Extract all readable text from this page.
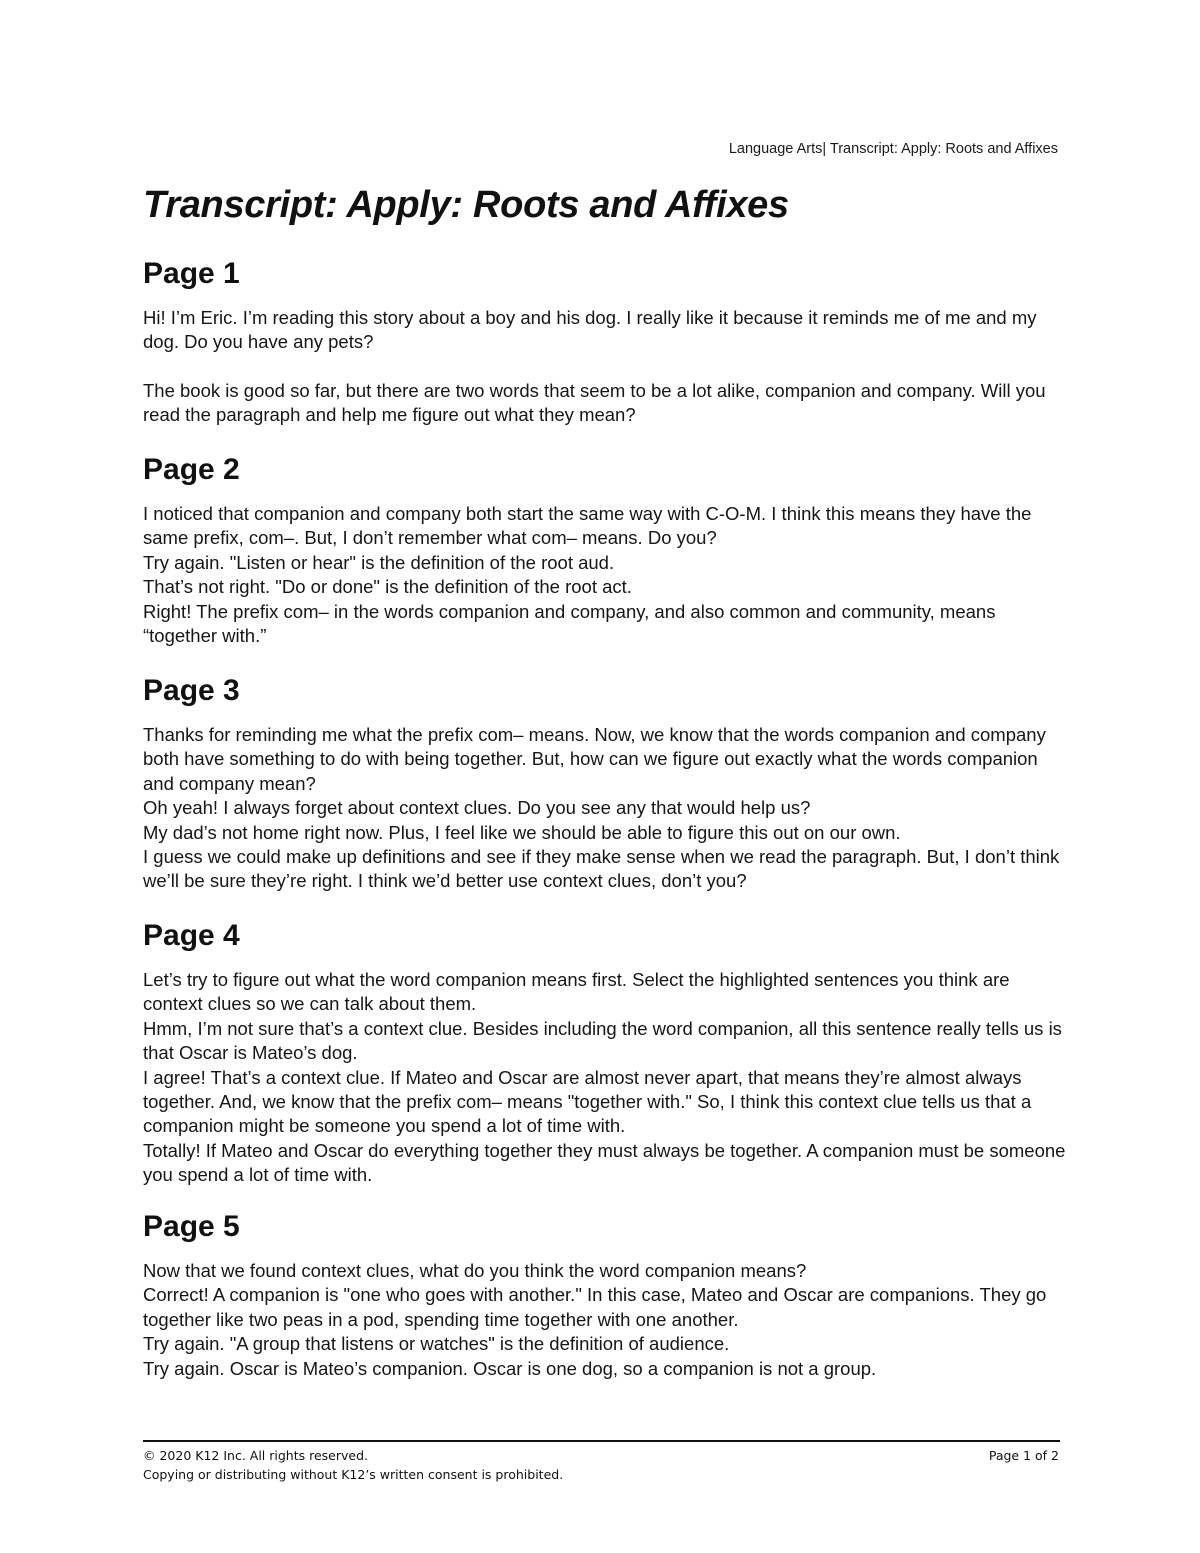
Language Arts| Transcript: Apply: Roots and Affixes
Transcript: Apply: Roots and Affixes
Page 1

Hi! I’m Eric. I’m reading this story about a boy and his dog. I really like it because it reminds me of me and my dog. Do you have any pets?

The book is good so far, but there are two words that seem to be a lot alike, companion and company. Will you read the paragraph and help me figure out what they mean?

Page 2

I noticed that companion and company both start the same way with C-O-M. I think this means they have the same prefix, com–. But, I don’t remember what com– means. Do you?

Try again. "Listen or hear" is the definition of the root aud.

That’s not right. "Do or done" is the definition of the root act.

Right! The prefix com– in the words companion and company, and also common and community, means “together with.”

Page 3

Thanks for reminding me what the prefix com– means. Now, we know that the words companion and company both have something to do with being together. But, how can we figure out exactly what the words companion and company mean?

Oh yeah! I always forget about context clues. Do you see any that would help us?

My dad’s not home right now. Plus, I feel like we should be able to figure this out on our own.

I guess we could make up definitions and see if they make sense when we read the paragraph. But, I don’t think we’ll be sure they’re right. I think we’d better use context clues, don’t you?

Page 4

Let’s try to figure out what the word companion means first. Select the highlighted sentences you think are context clues so we can talk about them.

Hmm, I’m not sure that’s a context clue. Besides including the word companion, all this sentence really tells us is that Oscar is Mateo’s dog.

I agree! That’s a context clue. If Mateo and Oscar are almost never apart, that means they’re almost always together. And, we know that the prefix com– means "together with." So, I think this context clue tells us that a companion might be someone you spend a lot of time with.

Totally! If Mateo and Oscar do everything together they must always be together. A companion must be someone you spend a lot of time with.

Page 5

Now that we found context clues, what do you think the word companion means?

Correct! A companion is "one who goes with another." In this case, Mateo and Oscar are companions. They go together like two peas in a pod, spending time together with one another.

Try again. "A group that listens or watches" is the definition of audience.

Try again. Oscar is Mateo’s companion. Oscar is one dog, so a companion is not a group.

© 2020 K12 Inc. All rights reserved.
Copying or distributing without K12’s written consent is prohibited.
Page 1 of 2
